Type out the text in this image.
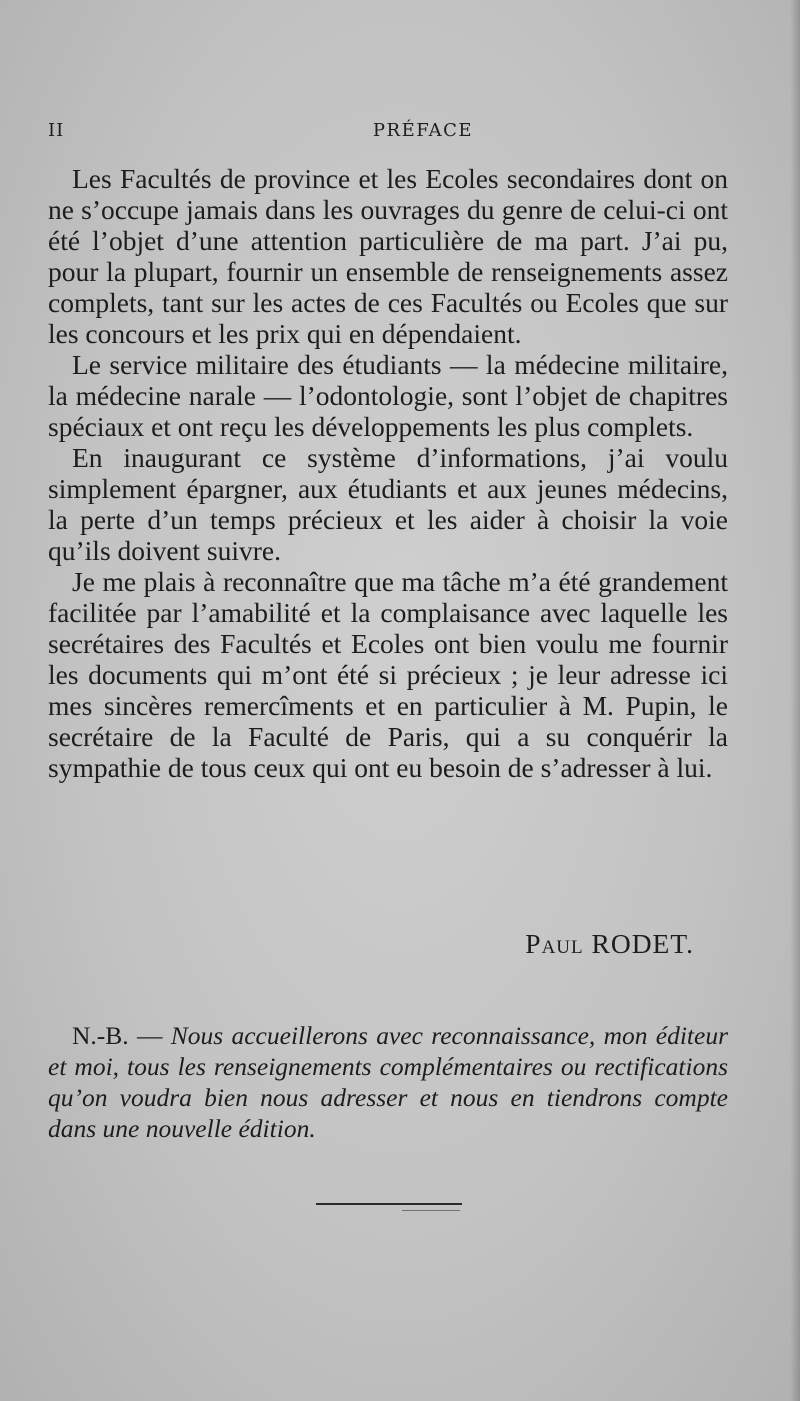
II	PRÉFACE

Les Facultés de province et les Ecoles secondaires dont on ne s’occupe jamais dans les ouvrages du genre de celui-ci ont été l’objet d’une attention particulière de ma part. J’ai pu, pour la plupart, fournir un ensemble de renseignements assez complets, tant sur les actes de ces Facultés ou Ecoles que sur les concours et les prix qui en dépendaient.

Le service militaire des étudiants — la médecine militaire, la médecine narale — l’odontologie, sont l’objet de chapitres spéciaux et ont reçu les développements les plus complets.

En inaugurant ce système d’informations, j’ai voulu simplement épargner, aux étudiants et aux jeunes médecins, la perte d’un temps précieux et les aider à choisir la voie qu’ils doivent suivre.

Je me plais à reconnaître que ma tâche m’a été grandement facilitée par l’amabilité et la complaisance avec laquelle les secrétaires des Facultés et Ecoles ont bien voulu me fournir les documents qui m’ont été si précieux ; je leur adresse ici mes sincères remercîments et en particulier à M. Pupin, le secrétaire de la Faculté de Paris, qui a su conquérir la sympathie de tous ceux qui ont eu besoin de s’adresser à lui.

Paul RODET.
N.-B. — Nous accueillerons avec reconnaissance, mon éditeur et moi, tous les renseignements complémentaires ou rectifications qu’on voudra bien nous adresser et nous en tiendrons compte dans une nouvelle édition.
